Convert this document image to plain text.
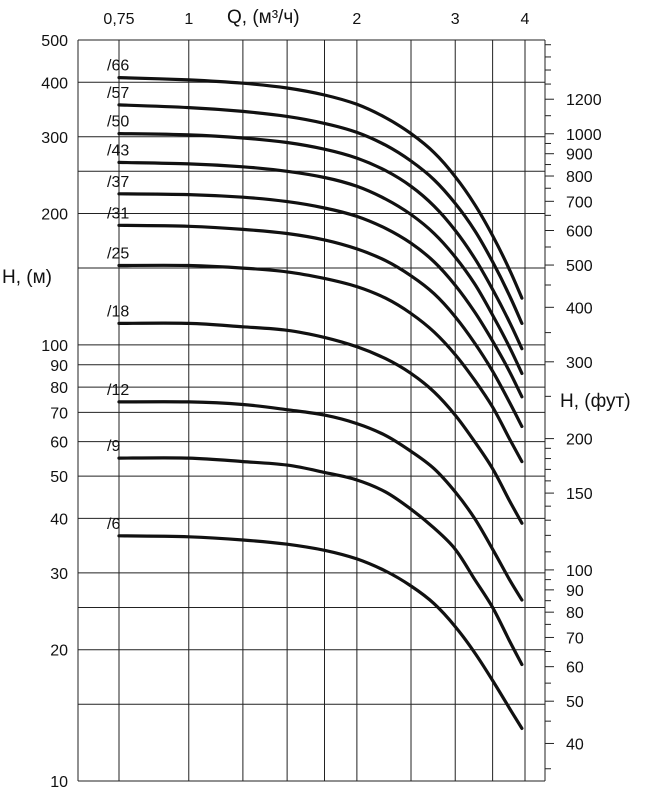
0,75	1	2	3	4
10
20
30
40
50
60
70
80
90
100
200
300
400
500
40
50
60
70
80
90
100
150
200
300
400
500
600
700
800
900
1000
1200
/66
/57
/50
/43
/37
/31
/25
/18
/12
/9
/6
Q, (м³/ч)
H, (м)
H, (фут)
